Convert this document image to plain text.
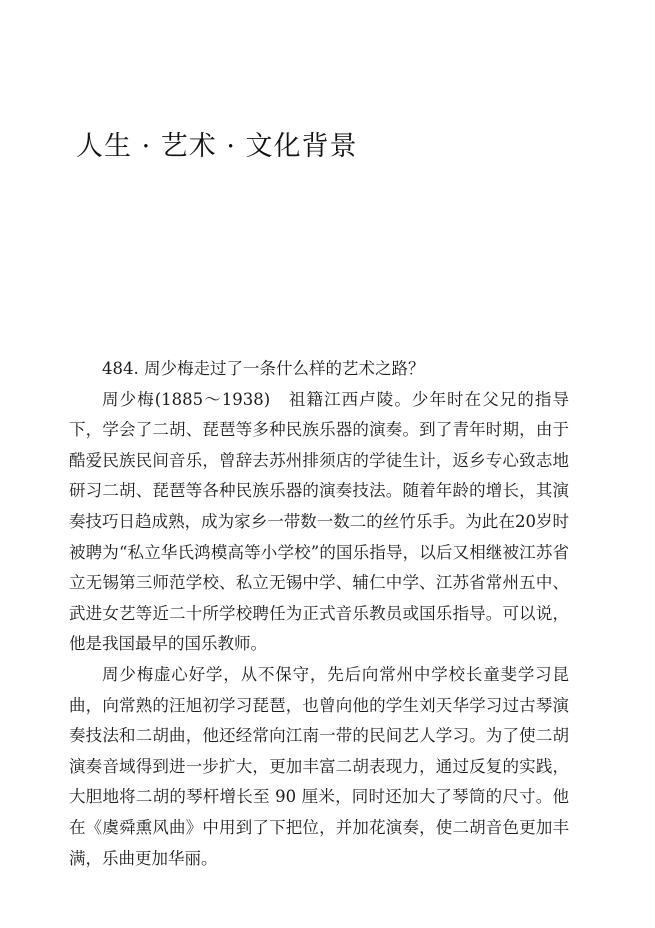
人生 · 艺术 · 文化背景

484. 周少梅走过了一条什么样的艺术之路？

周少梅(1885～1938)　祖籍江西卢陵。少年时在父兄的指导下，学会了二胡、琵琶等多种民族乐器的演奏。到了青年时期，由于酷爱民族民间音乐，曾辞去苏州排须店的学徒生计，返乡专心致志地研习二胡、琵琶等各种民族乐器的演奏技法。随着年龄的增长，其演奏技巧日趋成熟，成为家乡一带数一数二的丝竹乐手。为此在20岁时被聘为“私立华氏鸿模高等小学校”的国乐指导，以后又相继被江苏省立无锡第三师范学校、私立无锡中学、辅仁中学、江苏省常州五中、武进女艺等近二十所学校聘任为正式音乐教员或国乐指导。可以说，他是我国最早的国乐教师。

周少梅虚心好学，从不保守，先后向常州中学校长童斐学习昆曲，向常熟的汪旭初学习琵琶，也曾向他的学生刘天华学习过古琴演奏技法和二胡曲，他还经常向江南一带的民间艺人学习。为了使二胡演奏音域得到进一步扩大，更加丰富二胡表现力，通过反复的实践，大胆地将二胡的琴杆增长至 90 厘米，同时还加大了琴筒的尺寸。他在《虞舜熏风曲》中用到了下把位，并加花演奏，使二胡音色更加丰满，乐曲更加华丽。
